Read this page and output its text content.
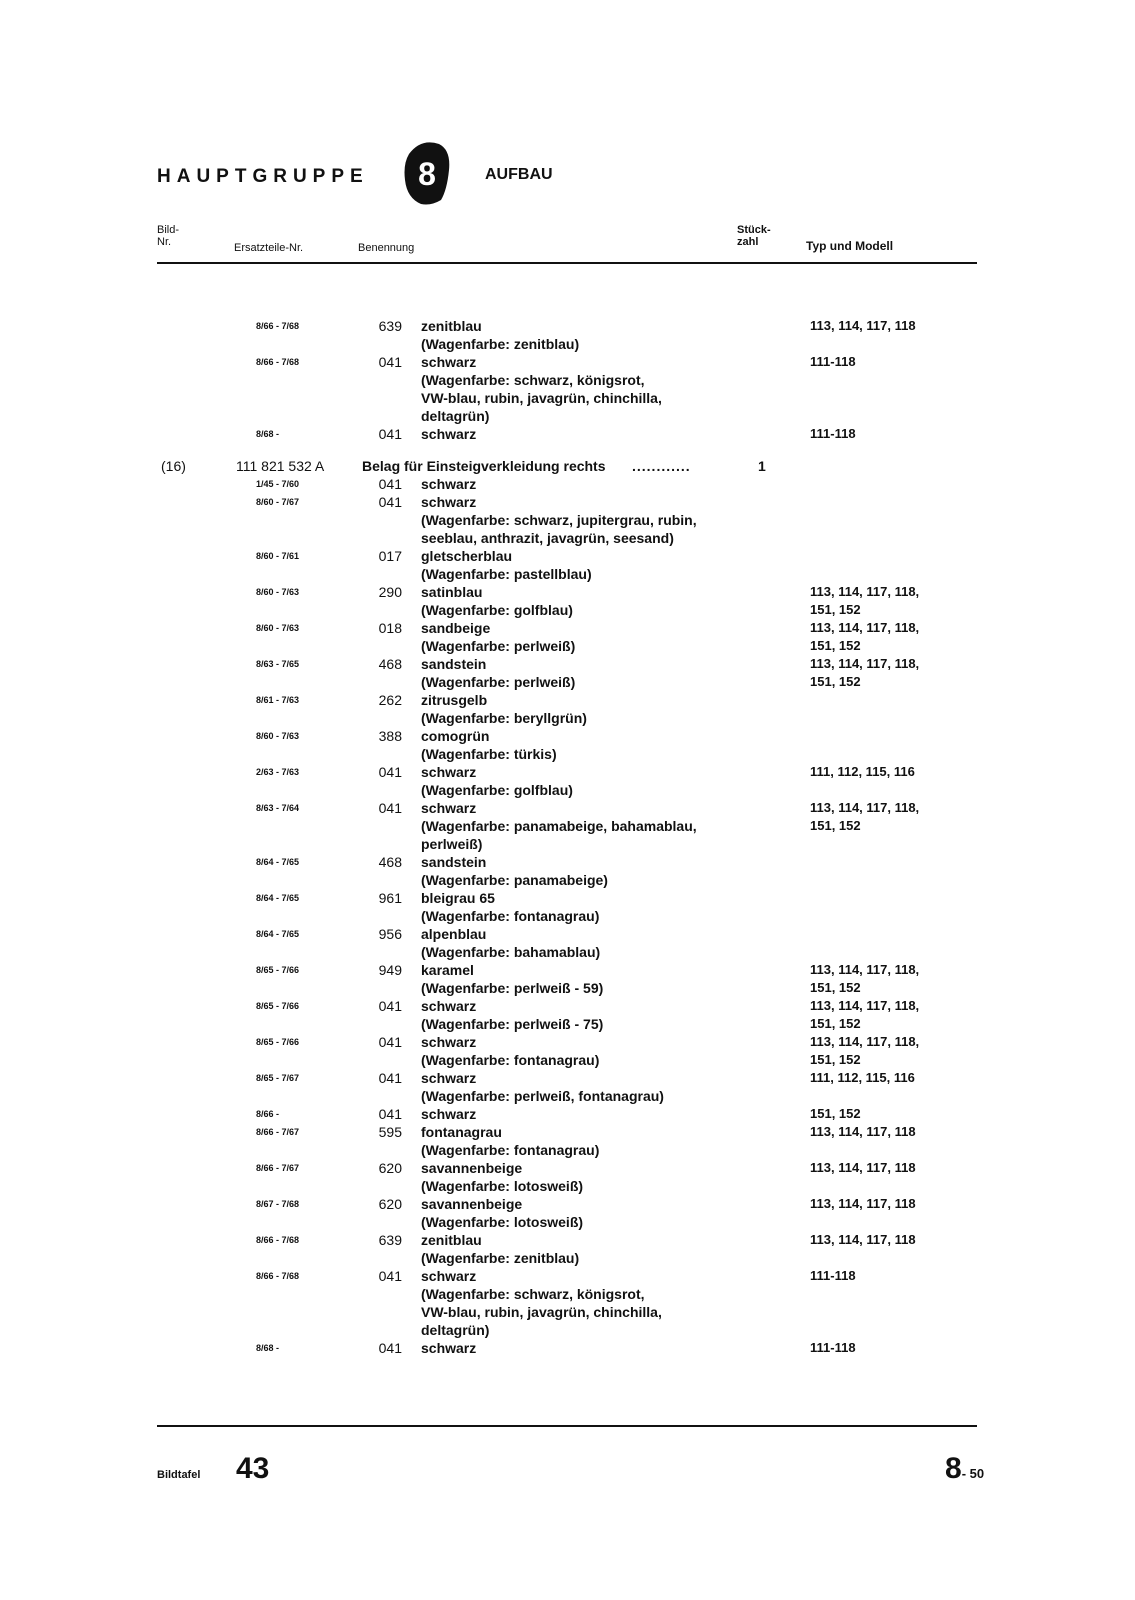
HAUPTGRUPPE 8	AUFBAU
Bild-
Nr.	Ersatzteile-Nr.	Benennung
Stück-
zahl	Typ und Modell
8/66 - 7/68	639 zenitblau	113, 114, 117, 118
(Wagenfarbe: zenitblau)
8/66 - 7/68	041 schwarz	111-118
(Wagenfarbe: schwarz, königsrot,
VW-blau, rubin, javagrün, chinchilla,
deltagrün)
8/68 -	041 schwarz	111-118
(16)	111 821 532 A	Belag für Einsteigverkleidung rechts ............	1
1/45 - 7/60	041 schwarz
8/60 - 7/67	041 schwarz
(Wagenfarbe: schwarz, jupitergrau, rubin,
seeblau, anthrazit, javagrün, seesand)
8/60 - 7/61	017 gletscherblau
(Wagenfarbe: pastellblau)
8/60 - 7/63	290 satinblau	113, 114, 117, 118,
(Wagenfarbe: golfblau)	151, 152
8/60 - 7/63	018 sandbeige	113, 114, 117, 118,
(Wagenfarbe: perlweiß)	151, 152
8/63 - 7/65	468 sandstein	113, 114, 117, 118,
(Wagenfarbe: perlweiß)	151, 152
8/61 - 7/63	262 zitrusgelb
(Wagenfarbe: beryllgrün)
8/60 - 7/63	388 comogrün
(Wagenfarbe: türkis)
2/63 - 7/63	041 schwarz	111, 112, 115, 116
(Wagenfarbe: golfblau)
8/63 - 7/64	041 schwarz	113, 114, 117, 118,
(Wagenfarbe: panamabeige, bahamablau,	151, 152
perlweiß)
8/64 - 7/65	468 sandstein
(Wagenfarbe: panamabeige)
8/64 - 7/65	961 bleigrau 65
(Wagenfarbe: fontanagrau)
8/64 - 7/65	956 alpenblau
(Wagenfarbe: bahamablau)
8/65 - 7/66	949 karamel	113, 114, 117, 118,
(Wagenfarbe: perlweiß - 59)	151, 152
8/65 - 7/66	041 schwarz	113, 114, 117, 118,
(Wagenfarbe: perlweiß - 75)	151, 152
8/65 - 7/66	041 schwarz	113, 114, 117, 118,
(Wagenfarbe: fontanagrau)	151, 152
8/65 - 7/67	041 schwarz	111, 112, 115, 116
(Wagenfarbe: perlweiß, fontanagrau)
8/66 -	041 schwarz	151, 152
8/66 - 7/67	595 fontanagrau	113, 114, 117, 118
(Wagenfarbe: fontanagrau)
8/66 - 7/67	620 savannenbeige	113, 114, 117, 118
(Wagenfarbe: lotosweiß)
8/67 - 7/68	620 savannenbeige	113, 114, 117, 118
(Wagenfarbe: lotosweiß)
8/66 - 7/68	639 zenitblau	113, 114, 117, 118
(Wagenfarbe: zenitblau)
8/66 - 7/68	041 schwarz	111-118
(Wagenfarbe: schwarz, königsrot,
VW-blau, rubin, javagrün, chinchilla,
deltagrün)
8/68 -	041 schwarz	111-118
Bildtafel 43	8- 50
